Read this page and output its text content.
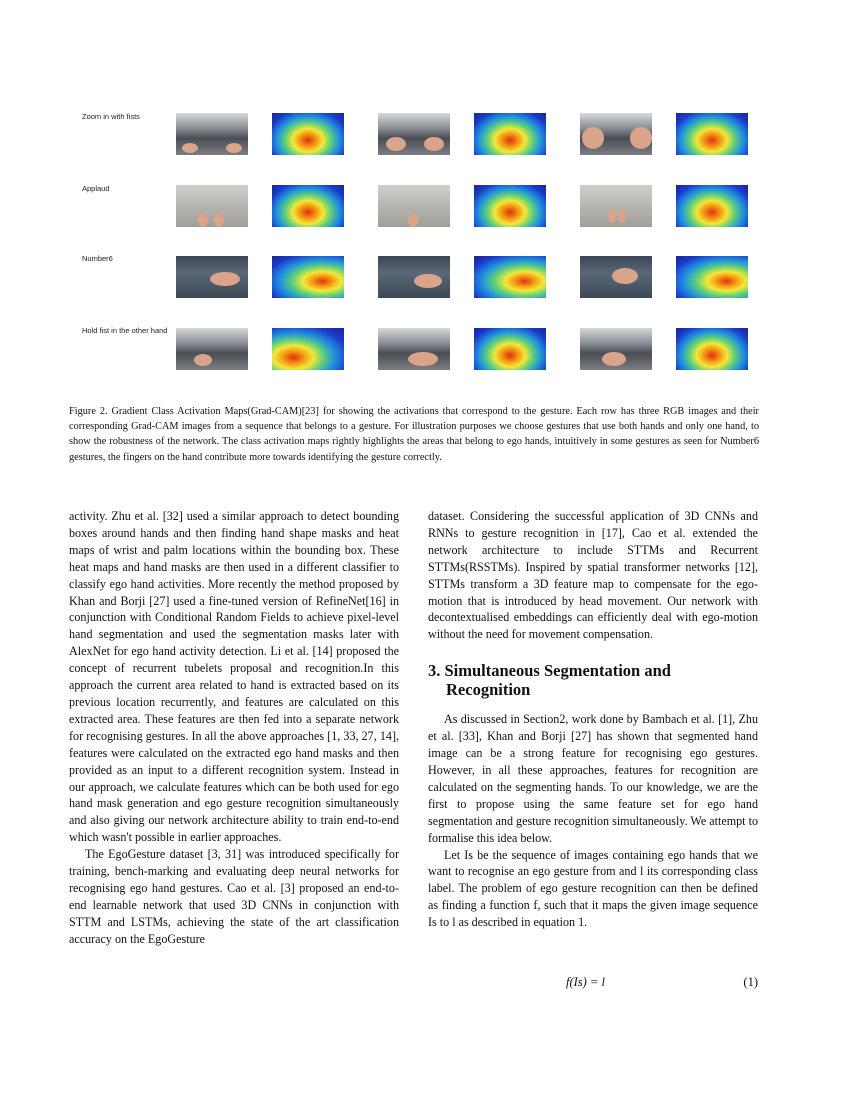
Zoom in with fists
Applaud
Number6
Hold fist in the other hand
Figure 2. Gradient Class Activation Maps(Grad-CAM)[23] for showing the activations that correspond to the gesture. Each row has three RGB images and their corresponding Grad-CAM images from a sequence that belongs to a gesture. For illustration purposes we choose gestures that use both hands and only one hand, to show the robustness of the network. The class activation maps rightly highlights the areas that belong to ego hands, intuitively in some gestures as seen for Number6 gestures, the fingers on the hand contribute more towards identifying the gesture correctly.

activity. Zhu et al. [32] used a similar approach to detect bounding boxes around hands and then finding hand shape masks and heat maps of wrist and palm locations within the bounding box. These heat maps and hand masks are then used in a different classifier to classify ego hand activities. More recently the method proposed by Khan and Borji [27] used a fine-tuned version of RefineNet[16] in conjunction with Conditional Random Fields to achieve pixel-level hand segmentation and used the segmentation masks later with AlexNet for ego hand activity detection. Li et al. [14] proposed the concept of recurrent tubelets proposal and recognition.In this approach the current area related to hand is extracted based on its previous location recurrently, and features are calculated on this extracted area. These features are then fed into a separate network for recognising gestures. In all the above approaches [1, 33, 27, 14], features were calculated on the extracted ego hand masks and then provided as an input to a different recognition system. Instead in our approach, we calculate features which can be both used for ego hand mask generation and ego gesture recognition simultaneously and also giving our network architecture ability to train end-to-end which wasn't possible in earlier approaches.

The EgoGesture dataset [3, 31] was introduced specifically for training, bench-marking and evaluating deep neural networks for recognising ego hand gestures. Cao et al. [3] proposed an end-to-end learnable network that used 3D CNNs in conjunction with STTM and LSTMs, achieving the state of the art classification accuracy on the EgoGesture

dataset. Considering the successful application of 3D CNNs and RNNs to gesture recognition in [17], Cao et al. extended the network architecture to include STTMs and Recurrent STTMs(RSSTMs). Inspired by spatial transformer networks [12], STTMs transform a 3D feature map to compensate for the ego-motion that is introduced by head movement. Our network with decontextualised embeddings can efficiently deal with ego-motion without the need for movement compensation.

3. Simultaneous Segmentation and Recognition

As discussed in Section2, work done by Bambach et al. [1], Zhu et al. [33], Khan and Borji [27] has shown that segmented hand image can be a strong feature for recognising ego gestures. However, in all these approaches, features for recognition are calculated on the segmenting hands. To our knowledge, we are the first to propose using the same feature set for ego hand segmentation and gesture recognition simultaneously. We attempt to formalise this idea below.

Let Is be the sequence of images containing ego hands that we want to recognise an ego gesture from and l its corresponding class label. The problem of ego gesture recognition can then be defined as finding a function f, such that it maps the given image sequence Is to l as described in equation 1.

f(Is) = l	(1)
